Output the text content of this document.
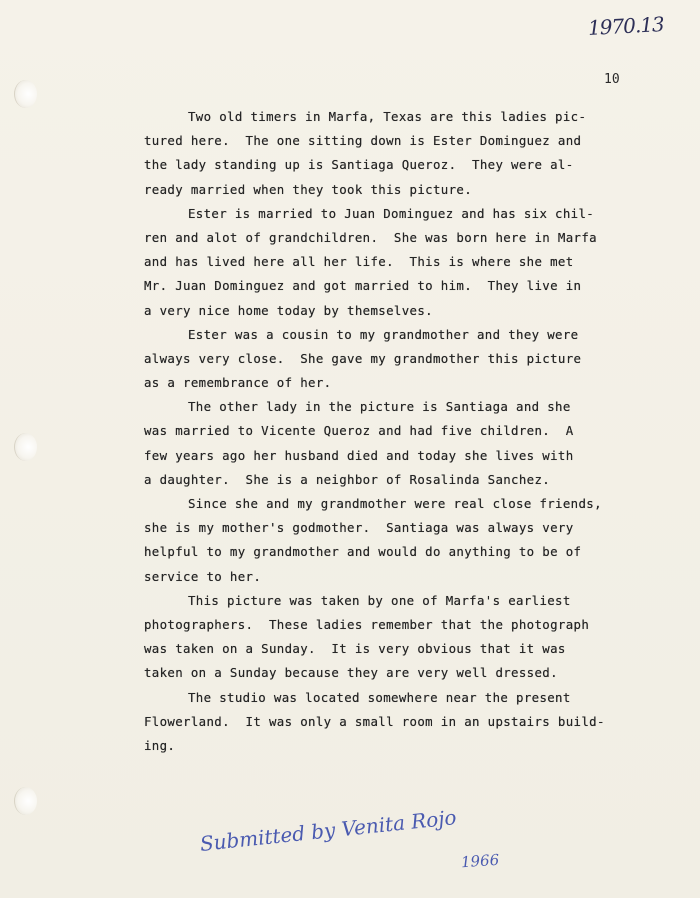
1970.13
10
Two old timers in Marfa, Texas are this ladies pic-
tured here.  The one sitting down is Ester Dominguez and
the lady standing up is Santiaga Queroz.  They were al-
ready married when they took this picture.
Ester is married to Juan Dominguez and has six chil-
ren and alot of grandchildren.  She was born here in Marfa
and has lived here all her life.  This is where she met
Mr. Juan Dominguez and got married to him.  They live in
a very nice home today by themselves.
Ester was a cousin to my grandmother and they were
always very close.  She gave my grandmother this picture
as a remembrance of her.
The other lady in the picture is Santiaga and she
was married to Vicente Queroz and had five children.  A
few years ago her husband died and today she lives with
a daughter.  She is a neighbor of Rosalinda Sanchez.
Since she and my grandmother were real close friends,
she is my mother's godmother.  Santiaga was always very
helpful to my grandmother and would do anything to be of
service to her.
This picture was taken by one of Marfa's earliest
photographers.  These ladies remember that the photograph
was taken on a Sunday.  It is very obvious that it was
taken on a Sunday because they are very well dressed.
The studio was located somewhere near the present
Flowerland.  It was only a small room in an upstairs build-
ing.
Submitted by Venita Rojo
1966
